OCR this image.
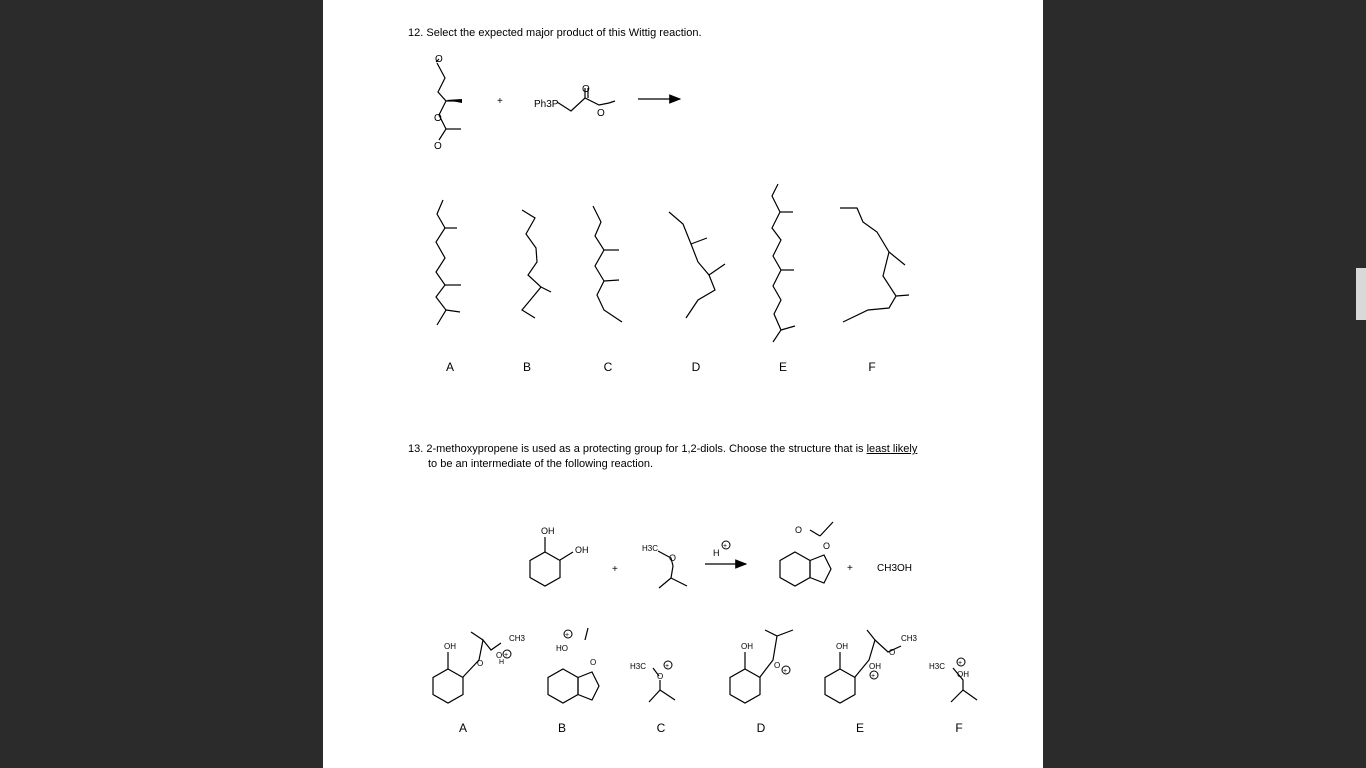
12. Select the expected major product of this Wittig reaction.

13. 2-methoxypropene is used as a protecting group for 1,2-diols. Choose the structure that is least likely
to be an intermediate of the following reaction.

O
O
O
+	Ph3P
O
O
A	B	C	D	E	F
OH
OH
+
H3C
O	H
+
O
O
+ CH3OH
OH
CH3
O
H
O
+
HO
+
O	H3C	+
O
OH
O
+
OH
CH3
O
OH
+
H3C +
OH
A	B	C	D	E	F
